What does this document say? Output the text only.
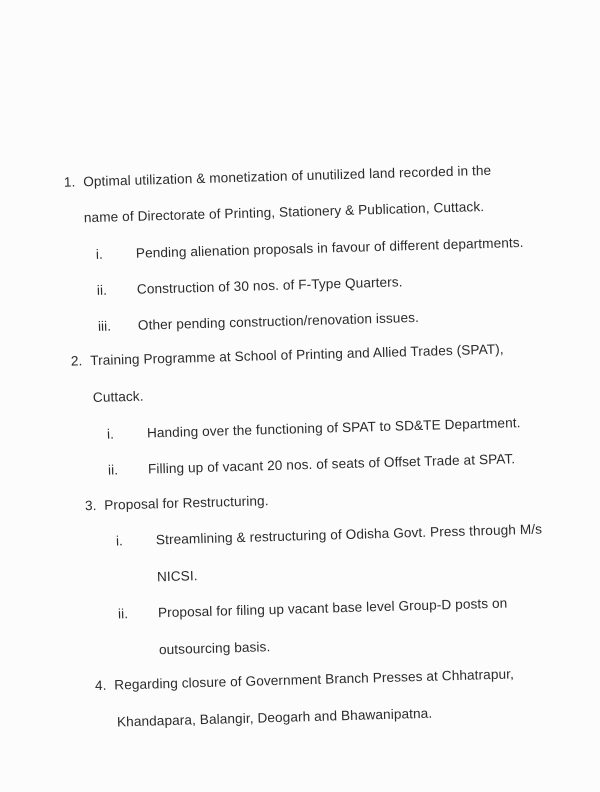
1. Optimal utilization & monetization of unutilized land recorded in the
name of Directorate of Printing, Stationery & Publication, Cuttack.
i. Pending alienation proposals in favour of different departments.
ii. Construction of 30 nos. of F-Type Quarters.
iii. Other pending construction/renovation issues.
2. Training Programme at School of Printing and Allied Trades (SPAT),
Cuttack.
i. Handing over the functioning of SPAT to SD&TE Department.
ii. Filling up of vacant 20 nos. of seats of Offset Trade at SPAT.
3. Proposal for Restructuring.
i. Streamlining & restructuring of Odisha Govt. Press through M/s
NICSI.
ii. Proposal for filing up vacant base level Group-D posts on
outsourcing basis.
4. Regarding closure of Government Branch Presses at Chhatrapur,
Khandapara, Balangir, Deogarh and Bhawanipatna.
